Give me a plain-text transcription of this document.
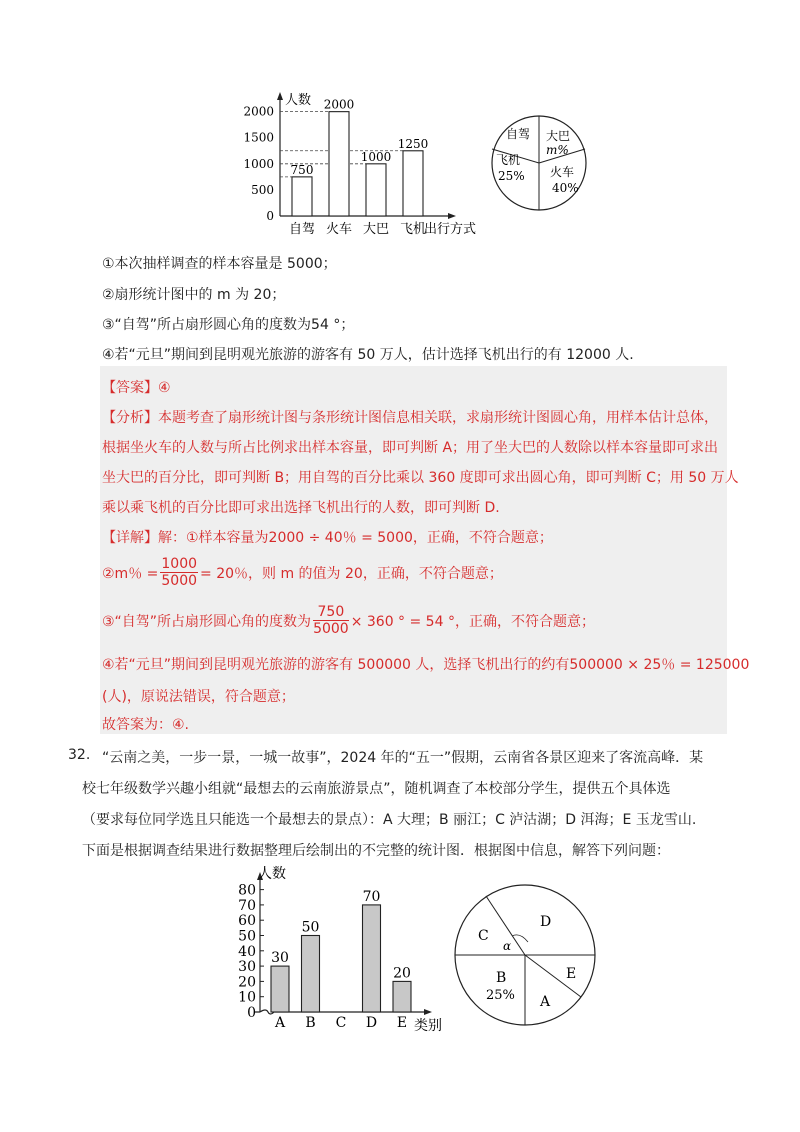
750
2000
1000
1250
0
500
1000
1500
2000
自驾 火车 大巴 飞机
人数
出行方式
自驾 大巴
m%
飞机
25% 火车
40%
①本次抽样调查的样本容量是 5000；
②扇形统计图中的 m 为 20；
③“自驾”所占扇形圆心角的度数为54 °；
④若“元旦”期间到昆明观光旅游的游客有 50 万人，估计选择飞机出行的有 12000 人.
【答案】④
【分析】本题考查了扇形统计图与条形统计图信息相关联，求扇形统计图圆心角，用样本估计总体，
根据坐火车的人数与所占比例求出样本容量，即可判断 A；用了坐大巴的人数除以样本容量即可求出
坐大巴的百分比，即可判断 B；用自驾的百分比乘以 360 度即可求出圆心角，即可判断 C；用 50 万人
乘以乘飞机的百分比即可求出选择飞机出行的人数，即可判断 D.
【详解】解：①样本容量为2000 ÷ 40％ = 5000，正确，不符合题意；
②m％ = $\frac{1000}{5000} = 20$％，则 m 的值为 20，正确，不符合题意；
③“自驾”所占扇形圆心角的度数为 $\frac{750}{5000} \times 360$ ° = 54 °，正确，不符合题意；
④若“元旦”期间到昆明观光旅游的游客有 500000 人，选择飞机出行的约有500000 × 25％ = 125000
(人)，原说法错误，符合题意；
故答案为：④.
32. “云南之美，一步一景，一城一故事”，2024 年的“五一”假期，云南省各景区迎来了客流高峰．某
校七年级数学兴趣小组就“最想去的云南旅游景点”，随机调查了本校部分学生，提供五个具体选
（要求每位同学选且只能选一个最想去的景点）：A 大理；B 丽江；C 泸沽湖；D 洱海；E 玉龙雪山.
下面是根据调查结果进行数据整理后绘制出的不完整的统计图．根据图中信息，解答下列问题：
30
50
70
20
0
10
20
30
40
50
60
70
80
A B C D E
人数
类别
D
C
α
B
25%
E
A
